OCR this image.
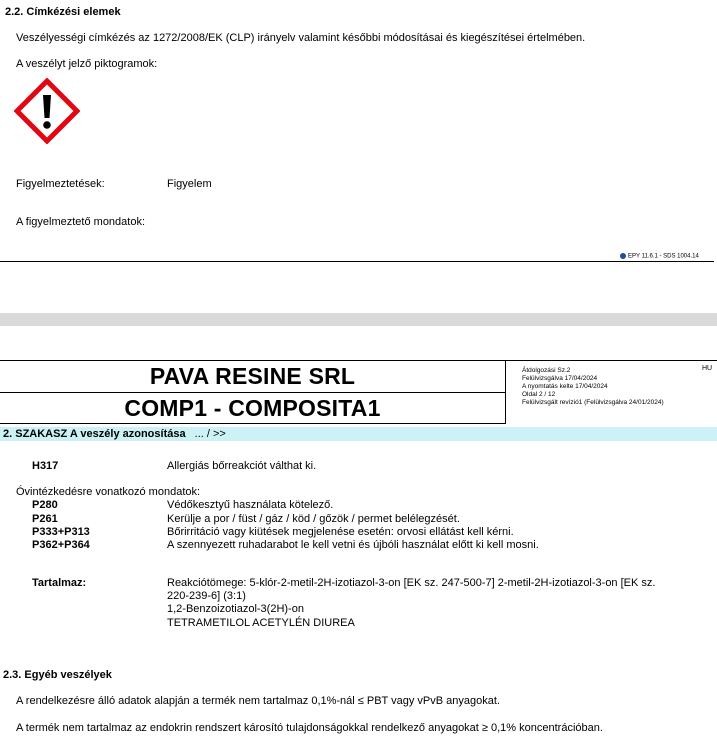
2.2. Címkézési elemek
Veszélyességi címkézés az 1272/2008/EK (CLP) irányelv valamint későbbi módosításai és kiegészítései értelmében.
A veszélyt jelző piktogramok:
Figyelmeztetések:	Figyelem
A figyelmeztető mondatok:
EPY 11.6.1 - SDS 1004.14
PAVA RESINE SRL
COMP1 - COMPOSITA1
Átdolgozási Sz.2
Felülvizsgálva 17/04/2024
A nyomtatás kelte 17/04/2024
Oldal 2 / 12
Felülvizsgált revízió1 (Felülvizsgálva 24/01/2024)
HU
2. SZAKASZ A veszély azonosítása ... / >>
H317	Allergiás bőrreakciót válthat ki.
Óvintézkedésre vonatkozó mondatok:
P280	Védőkesztyű használata kötelező.
P261	Kerülje a por / füst / gáz / köd / gőzök / permet belélegzését.
P333+P313	Bőrirritáció vagy kiütések megjelenése esetén: orvosi ellátást kell kérni.
P362+P364	A szennyezett ruhadarabot le kell vetni és újbóli használat előtt ki kell mosni.
Tartalmaz:	Reakciótömege: 5-klór-2-metil-2H-izotiazol-3-on [EK sz. 247-500-7] 2-metil-2H-izotiazol-3-on [EK sz.
220-239-6] (3:1)
1,2-Benzoizotiazol-3(2H)-on
TETRAMETILOL ACETYLÉN DIUREA
2.3. Egyéb veszélyek
A rendelkezésre álló adatok alapján a termék nem tartalmaz 0,1%-nál ≤ PBT vagy vPvB anyagokat.
A termék nem tartalmaz az endokrin rendszert károsító tulajdonságokkal rendelkező anyagokat ≥ 0,1% koncentrációban.
